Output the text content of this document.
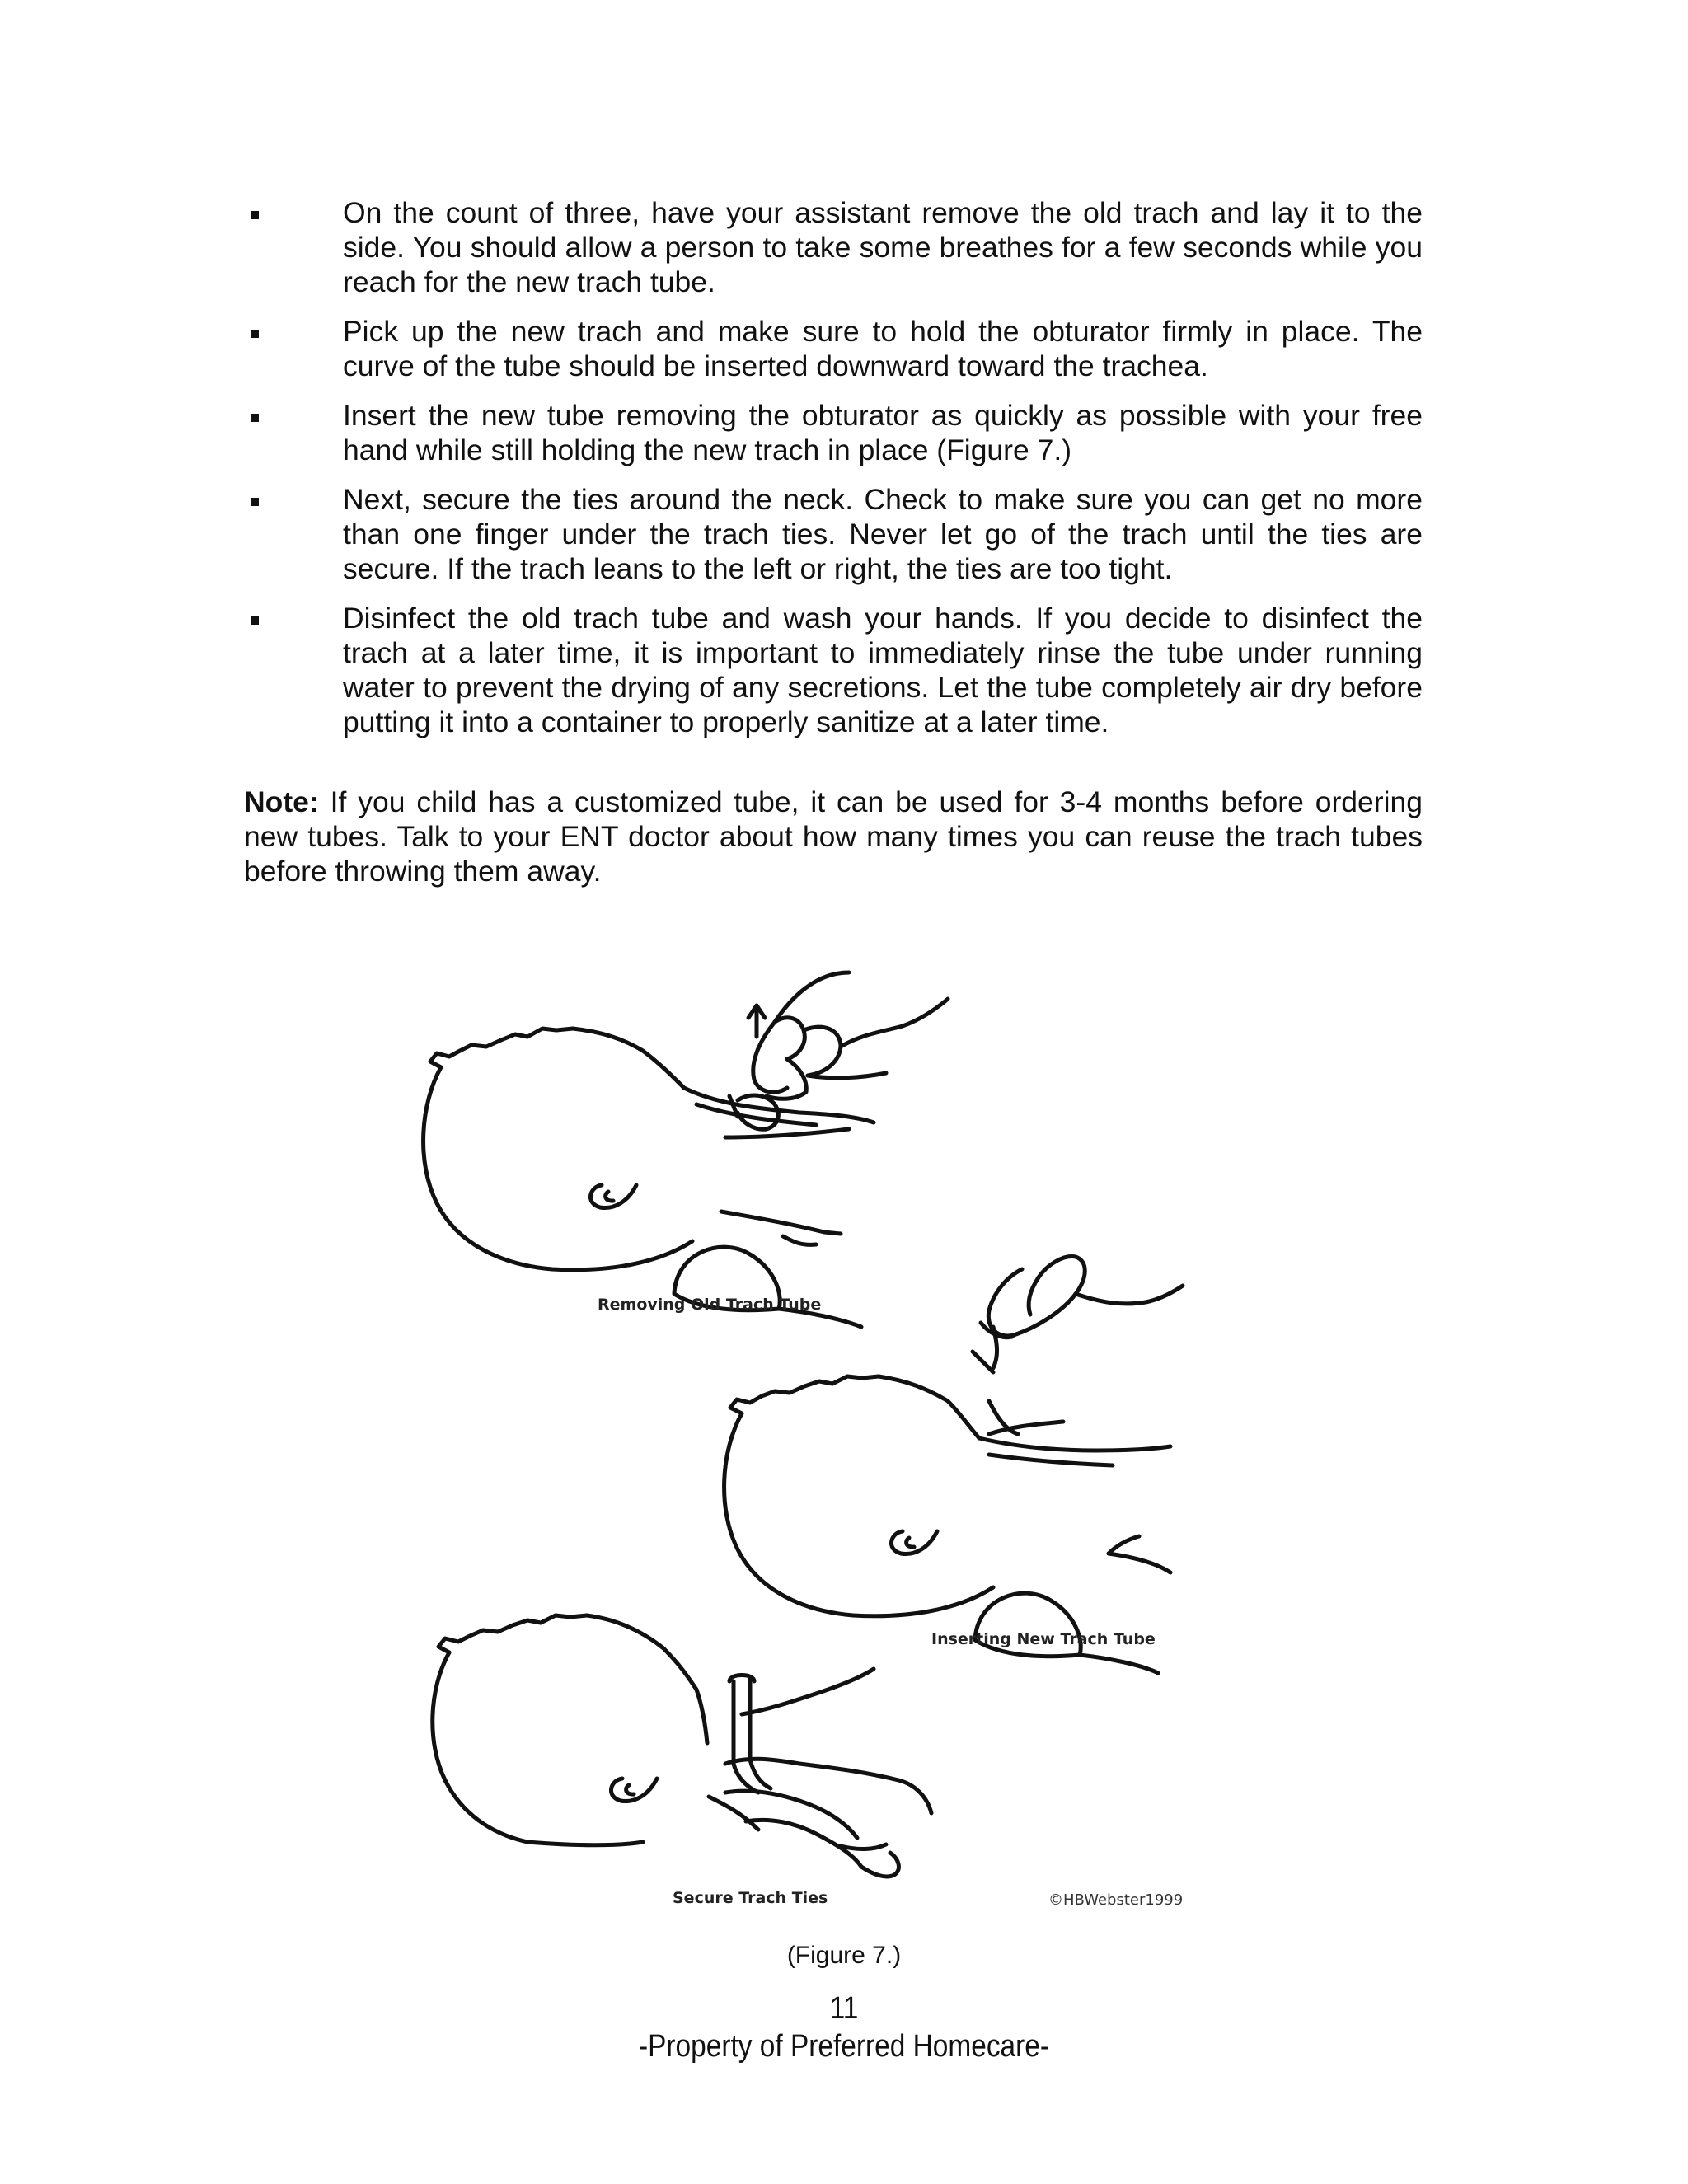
On the count of three, have your assistant remove the old trach and lay it to the side. You should allow a person to take some breathes for a few seconds while you reach for the new trach tube.
Pick up the new trach and make sure to hold the obturator firmly in place. The curve of the tube should be inserted downward toward the trachea.
Insert the new tube removing the obturator as quickly as possible with your free hand while still holding the new trach in place (Figure 7.)
Next, secure the ties around the neck. Check to make sure you can get no more than one finger under the trach ties. Never let go of the trach until the ties are secure. If the trach leans to the left or right, the ties are too tight.
Disinfect the old trach tube and wash your hands. If you decide to disinfect the trach at a later time, it is important to immediately rinse the tube under running water to prevent the drying of any secretions. Let the tube completely air dry before putting it into a container to properly sanitize at a later time.
Note: If you child has a customized tube, it can be used for 3-4 months before ordering new tubes. Talk to your ENT doctor about how many times you can reuse the trach tubes before throwing them away.
Removing Old Trach Tube
Inserting New Trach Tube
Secure Trach Ties	©HBWebster1999
(Figure 7.)
11
-Property of Preferred Homecare-
